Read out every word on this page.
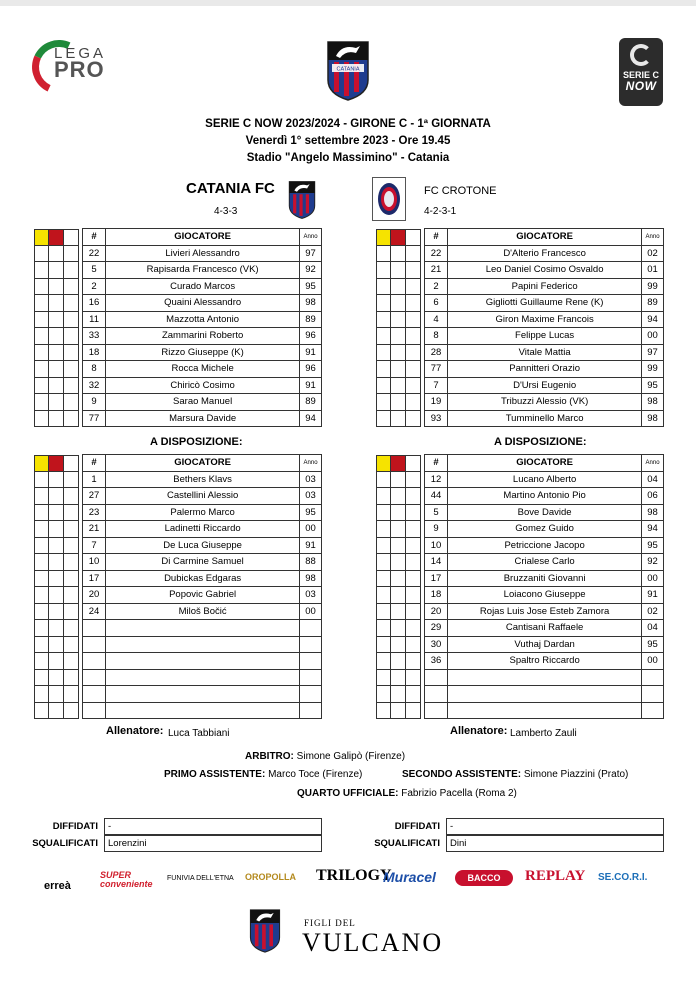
LEGA
PRO	CATANIA
SERIE C
NOW
SERIE C NOW 2023/2024 - GIRONE C - 1ª GIORNATA
Venerdì 1° settembre 2023 - Ore 19.45
Stadio "Angelo Massimino" - Catania
CATANIA FC
4-3-3
FC CROTONE
4-2-3-1
#	GIOCATORE	Anno
22	Livieri Alessandro	97
5	Rapisarda Francesco (VK)	92
2	Curado Marcos	95
16	Quaini Alessandro	98
11	Mazzotta Antonio	89
33	Zammarini Roberto	96
18	Rizzo Giuseppe (K)	91
8	Rocca Michele	96
32	Chiricò Cosimo	91
9	Sarao Manuel	89
77	Marsura Davide	94
#	GIOCATORE	Anno
22	D'Alterio Francesco	02
21	Leo Daniel Cosimo Osvaldo	01
2	Papini Federico	99
6	Gigliotti Guillaume Rene (K)	89
4	Giron Maxime Francois	94
8	Felippe Lucas	00
28	Vitale Mattia	97
77	Pannitteri Orazio	99
7	D'Ursi Eugenio	95
19	Tribuzzi Alessio (VK)	98
93	Tumminello Marco	98
A DISPOSIZIONE:	A DISPOSIZIONE:
#	GIOCATORE	Anno
1	Bethers Klavs	03
27	Castellini Alessio	03
23	Palermo Marco	95
21	Ladinetti Riccardo	00
7	De Luca Giuseppe	91
10	Di Carmine Samuel	88
17	Dubickas Edgaras	98
20	Popovic Gabriel	03
24	Miloš Bočić	00

#	GIOCATORE	Anno
12	Lucano Alberto	04
44	Martino Antonio Pio	06
5	Bove Davide	98
9	Gomez Guido	94
10	Petriccione Jacopo	95
14	Crialese Carlo	92
17	Bruzzaniti Giovanni	00
18	Loiacono Giuseppe	91
20	Rojas Luis Jose Esteb Zamora	02
29	Cantisani Raffaele	04
30	Vuthaj Dardan	95
36	Spaltro Riccardo	00

Allenatore: Luca Tabbiani	Allenatore: Lamberto Zauli
ARBITRO: Simone Galipò (Firenze)
PRIMO ASSISTENTE: Marco Toce (Firenze)	SECONDO ASSISTENTE: Simone Piazzini (Prato)
QUARTO UFFICIALE: Fabrizio Pacella (Roma 2)
DIFFIDATI	-
SQUALIFICATI	Lorenzini
DIFFIDATI	-
SQUALIFICATI	Dini
erreà
SUPER conveniente
FUNIVIA DELL'ETNA OROPOLLA TRILOGY
Muracel	BACCO	REPLAY SE.CO.R.I.
FIGLI DEL
VULCANO
